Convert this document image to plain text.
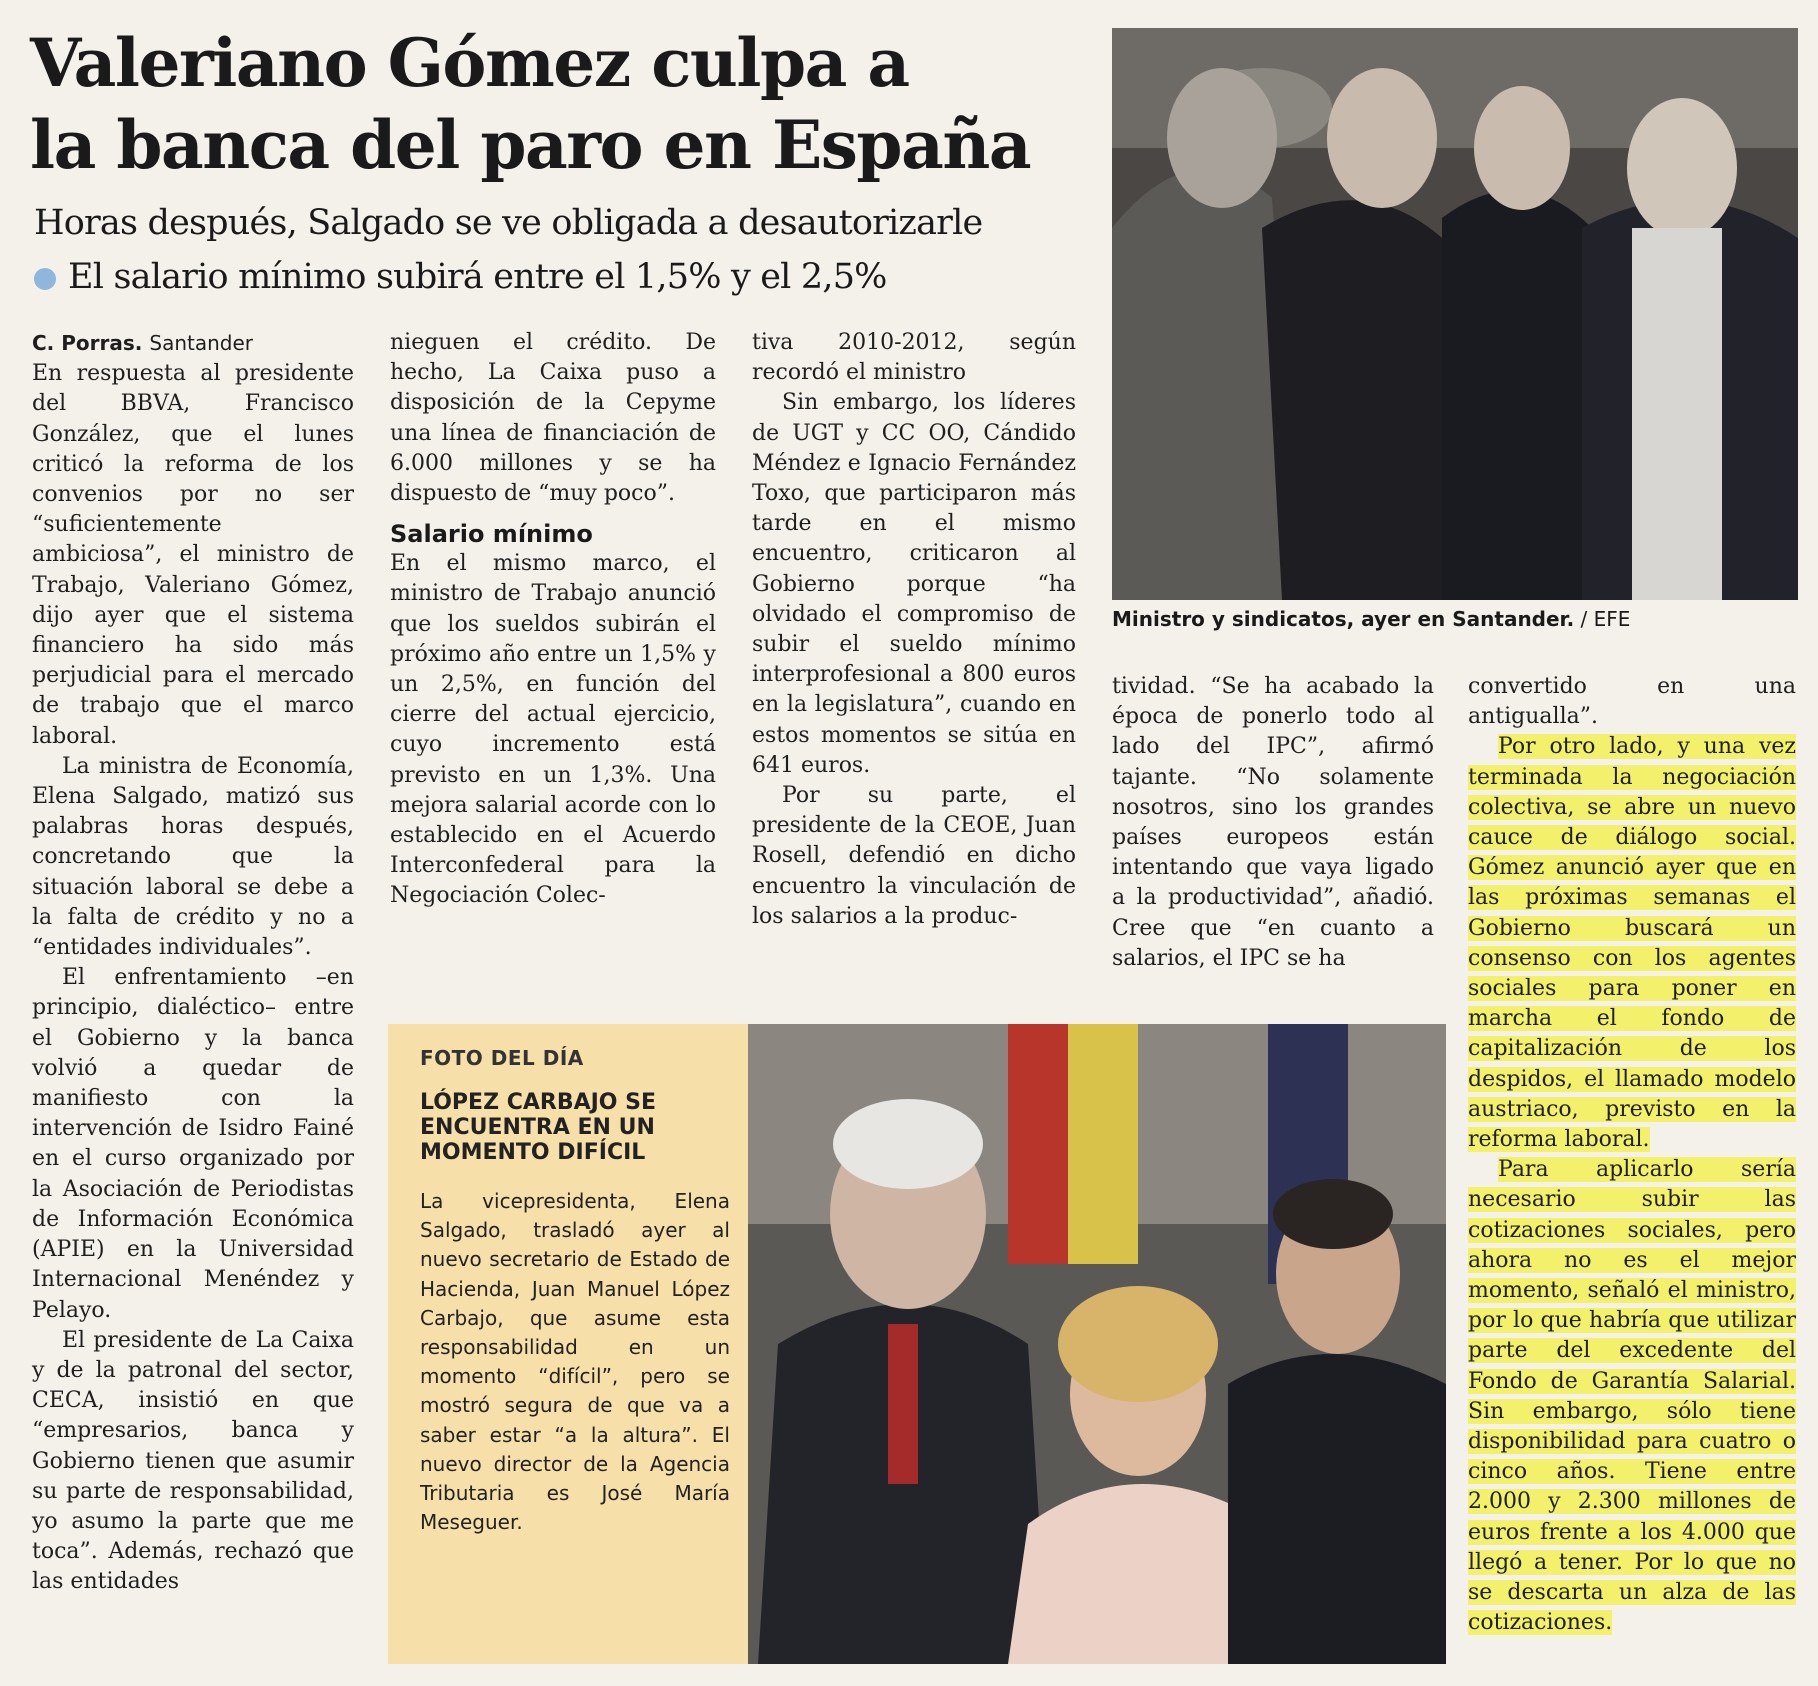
Valeriano Gómez culpa a
la banca del paro en España
Horas después, Salgado se ve obligada a desautorizarle
El salario mínimo subirá entre el 1,5% y el 2,5%
C. Porras. Santander

En respuesta al presidente del BBVA, Francisco González, que el lunes criticó la reforma de los convenios por no ser “suficientemente ambiciosa”, el ministro de Trabajo, Valeriano Gómez, dijo ayer que el sistema financiero ha sido más perjudicial para el mercado de trabajo que el marco laboral.

La ministra de Economía, Elena Salgado, matizó sus palabras horas después, concretando que la situación laboral se debe a la falta de crédito y no a “entidades individuales”.

El enfrentamiento –en principio, dialéctico– entre el Gobierno y la banca volvió a quedar de manifiesto con la intervención de Isidro Fainé en el curso organizado por la Asociación de Periodistas de Información Económica (APIE) en la Universidad Internacional Menéndez y Pelayo.

El presidente de La Caixa y de la patronal del sector, CECA, insistió en que “empresarios, banca y Gobierno tienen que asumir su parte de responsabilidad, yo asumo la parte que me toca”. Además, rechazó que las entidades

nieguen el crédito. De hecho, La Caixa puso a disposición de la Cepyme una línea de financiación de 6.000 millones y se ha dispuesto de “muy poco”.

Salario mínimo

En el mismo marco, el ministro de Trabajo anunció que los sueldos subirán el próximo año entre un 1,5% y un 2,5%, en función del cierre del actual ejercicio, cuyo incremento está previsto en un 1,3%. Una mejora salarial acorde con lo establecido en el Acuerdo Interconfederal para la Negociación Colec-

tiva 2010-2012, según recordó el ministro

Sin embargo, los líderes de UGT y CC OO, Cándido Méndez e Ignacio Fernández Toxo, que participaron más tarde en el mismo encuentro, criticaron al Gobierno porque “ha olvidado el compromiso de subir el sueldo mínimo interprofesional a 800 euros en la legislatura”, cuando en estos momentos se sitúa en 641 euros.

Por su parte, el presidente de la CEOE, Juan Rosell, defendió en dicho encuentro la vinculación de los salarios a la produc-

Ministro y sindicatos, ayer en Santander. / EFE

tividad. “Se ha acabado la época de ponerlo todo al lado del IPC”, afirmó tajante. “No solamente nosotros, sino los grandes países europeos están intentando que vaya ligado a la productividad”, añadió. Cree que “en cuanto a salarios, el IPC se ha

convertido en una antigualla”.

Por otro lado, y una vez terminada la negociación colectiva, se abre un nuevo cauce de diálogo social. Gómez anunció ayer que en las próximas semanas el Gobierno buscará un consenso con los agentes sociales para poner en marcha el fondo de capitalización de los despidos, el llamado modelo austriaco, previsto en la reforma laboral.

Para aplicarlo sería necesario subir las cotizaciones sociales, pero ahora no es el mejor momento, señaló el ministro, por lo que habría que utilizar parte del excedente del Fondo de Garantía Salarial. Sin embargo, sólo tiene disponibilidad para cuatro o cinco años. Tiene entre 2.000 y 2.300 millones de euros frente a los 4.000 que llegó a tener. Por lo que no se descarta un alza de las cotizaciones.

FOTO DEL DÍA
LÓPEZ CARBAJO SE ENCUENTRA EN UN MOMENTO DIFÍCIL

La vicepresidenta, Elena Salgado, trasladó ayer al nuevo secretario de Estado de Hacienda, Juan Manuel López Carbajo, que asume esta responsabilidad en un momento “difícil”, pero se mostró segura de que va a saber estar “a la altura”. El nuevo director de la Agencia Tributaria es José María Meseguer.
